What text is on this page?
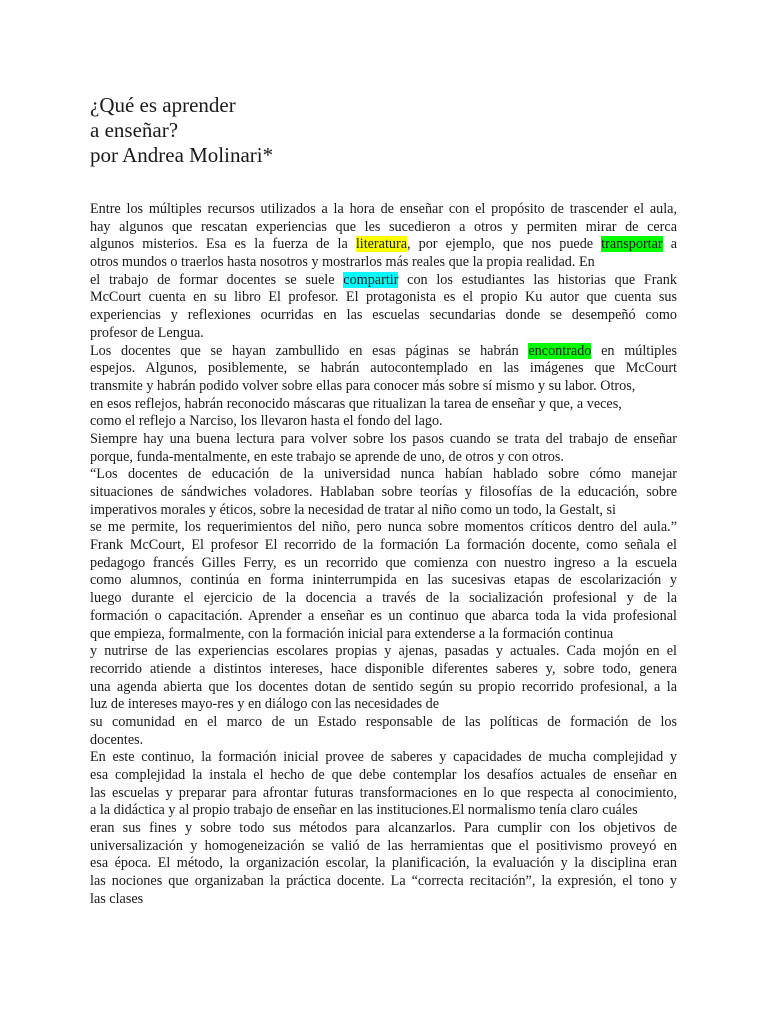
¿Qué es aprender
a enseñar?
por Andrea Molinari*
Entre los múltiples recursos utilizados a la hora de enseñar con el propósito de trascender el aula,
hay algunos que rescatan experiencias que les sucedieron a otros y permiten mirar de cerca
algunos misterios. Esa es la fuerza de la literatura, por ejemplo, que nos puede transportar a
otros mundos o traerlos hasta nosotros y mostrarlos más reales que la propia realidad. En
el trabajo de formar docentes se suele compartir con los estudiantes las historias que Frank
McCourt cuenta en su libro El profesor. El protagonista es el propio Ku autor que cuenta sus
experiencias y reflexiones ocurridas en las escuelas secundarias donde se desempeñó como
profesor de Lengua.
Los docentes que se hayan zambullido en esas páginas se habrán encontrado en múltiples
espejos. Algunos, posiblemente, se habrán autocontemplado en las imágenes que McCourt
transmite y habrán podido volver sobre ellas para conocer más sobre sí mismo y su labor. Otros,
en esos reflejos, habrán reconocido máscaras que ritualizan la tarea de enseñar y que, a veces,
como el reflejo a Narciso, los llevaron hasta el fondo del lago.
Siempre hay una buena lectura para volver sobre los pasos cuando se trata del trabajo de enseñar
porque, funda-mentalmente, en este trabajo se aprende de uno, de otros y con otros.
“Los docentes de educación de la universidad nunca habían hablado sobre cómo manejar
situaciones de sándwiches voladores. Hablaban sobre teorías y filosofías de la educación, sobre
imperativos morales y éticos, sobre la necesidad de tratar al niño como un todo, la Gestalt, si
se me permite, los requerimientos del niño, pero nunca sobre momentos críticos dentro del aula.”
Frank McCourt, El profesor El recorrido de la formación La formación docente, como señala el
pedagogo francés Gilles Ferry, es un recorrido que comienza con nuestro ingreso a la escuela
como alumnos, continúa en forma ininterrumpida en las sucesivas etapas de escolarización y
luego durante el ejercicio de la docencia a través de la socialización profesional y de la
formación o capacitación. Aprender a enseñar es un continuo que abarca toda la vida profesional
que empieza, formalmente, con la formación inicial para extenderse a la formación continua
y nutrirse de las experiencias escolares propias y ajenas, pasadas y actuales. Cada mojón en el
recorrido atiende a distintos intereses, hace disponible diferentes saberes y, sobre todo, genera
una agenda abierta que los docentes dotan de sentido según su propio recorrido profesional, a la
luz de intereses mayo-res y en diálogo con las necesidades de
su comunidad en el marco de un Estado responsable de las políticas de formación de los
docentes.
En este continuo, la formación inicial provee de saberes y capacidades de mucha complejidad y
esa complejidad la instala el hecho de que debe contemplar los desafíos actuales de enseñar en
las escuelas y preparar para afrontar futuras transformaciones en lo que respecta al conocimiento,
a la didáctica y al propio trabajo de enseñar en las instituciones.El normalismo tenía claro cuáles
eran sus fines y sobre todo sus métodos para alcanzarlos. Para cumplir con los objetivos de
universalización y homogeneización se valió de las herramientas que el positivismo proveyó en
esa época. El método, la organización escolar, la planificación, la evaluación y la disciplina eran
las nociones que organizaban la práctica docente. La “correcta recitación”, la expresión, el tono y
las clases
